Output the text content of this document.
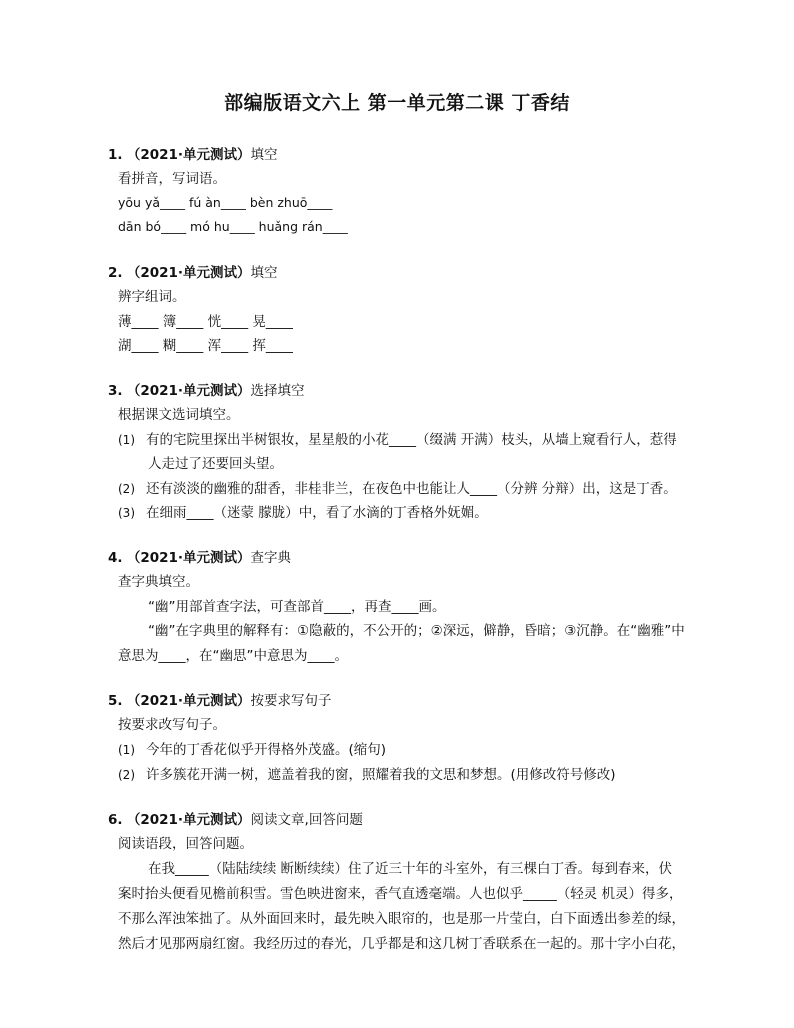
部编版语文六上 第一单元第二课 丁香结
1. （2021·单元测试）填空
看拼音，写词语。
yōu yǎ____ fú àn____ bèn zhuō____
dān bó____ mó hu____ huǎng rán____
2. （2021·单元测试）填空
辨字组词。
薄____ 簿____ 恍____ 晃____
湖____ 糊____ 浑____ 挥____
3. （2021·单元测试）选择填空
根据课文选词填空。
(1) 有的宅院里探出半树银妆，星星般的小花____（缀满 开满）枝头，从墙上窥看行人，惹得
人走过了还要回头望。
(2) 还有淡淡的幽雅的甜香，非桂非兰，在夜色中也能让人____（分辨 分辩）出，这是丁香。
(3) 在细雨____（迷蒙 朦胧）中，看了水滴的丁香格外妩媚。
4. （2021·单元测试）查字典
查字典填空。
“幽”用部首查字法，可查部首____，再查____画。
“幽”在字典里的解释有：①隐蔽的，不公开的；②深远，僻静，昏暗；③沉静。在“幽雅”中
意思为____，在“幽思”中意思为____。
5. （2021·单元测试）按要求写句子
按要求改写句子。
(1) 今年的丁香花似乎开得格外茂盛。(缩句)
(2) 许多簇花开满一树，遮盖着我的窗，照耀着我的文思和梦想。(用修改符号修改)
6. （2021·单元测试）阅读文章,回答问题
阅读语段，回答问题。
在我_____（陆陆续续 断断续续）住了近三十年的斗室外，有三棵白丁香。每到春来，伏
案时抬头便看见檐前积雪。雪色映进窗来，香气直透毫端。人也似乎_____（轻灵 机灵）得多，
不那么浑浊笨拙了。从外面回来时，最先映入眼帘的，也是那一片莹白，白下面透出参差的绿，
然后才见那两扇红窗。我经历过的春光，几乎都是和这几树丁香联系在一起的。那十字小白花，
